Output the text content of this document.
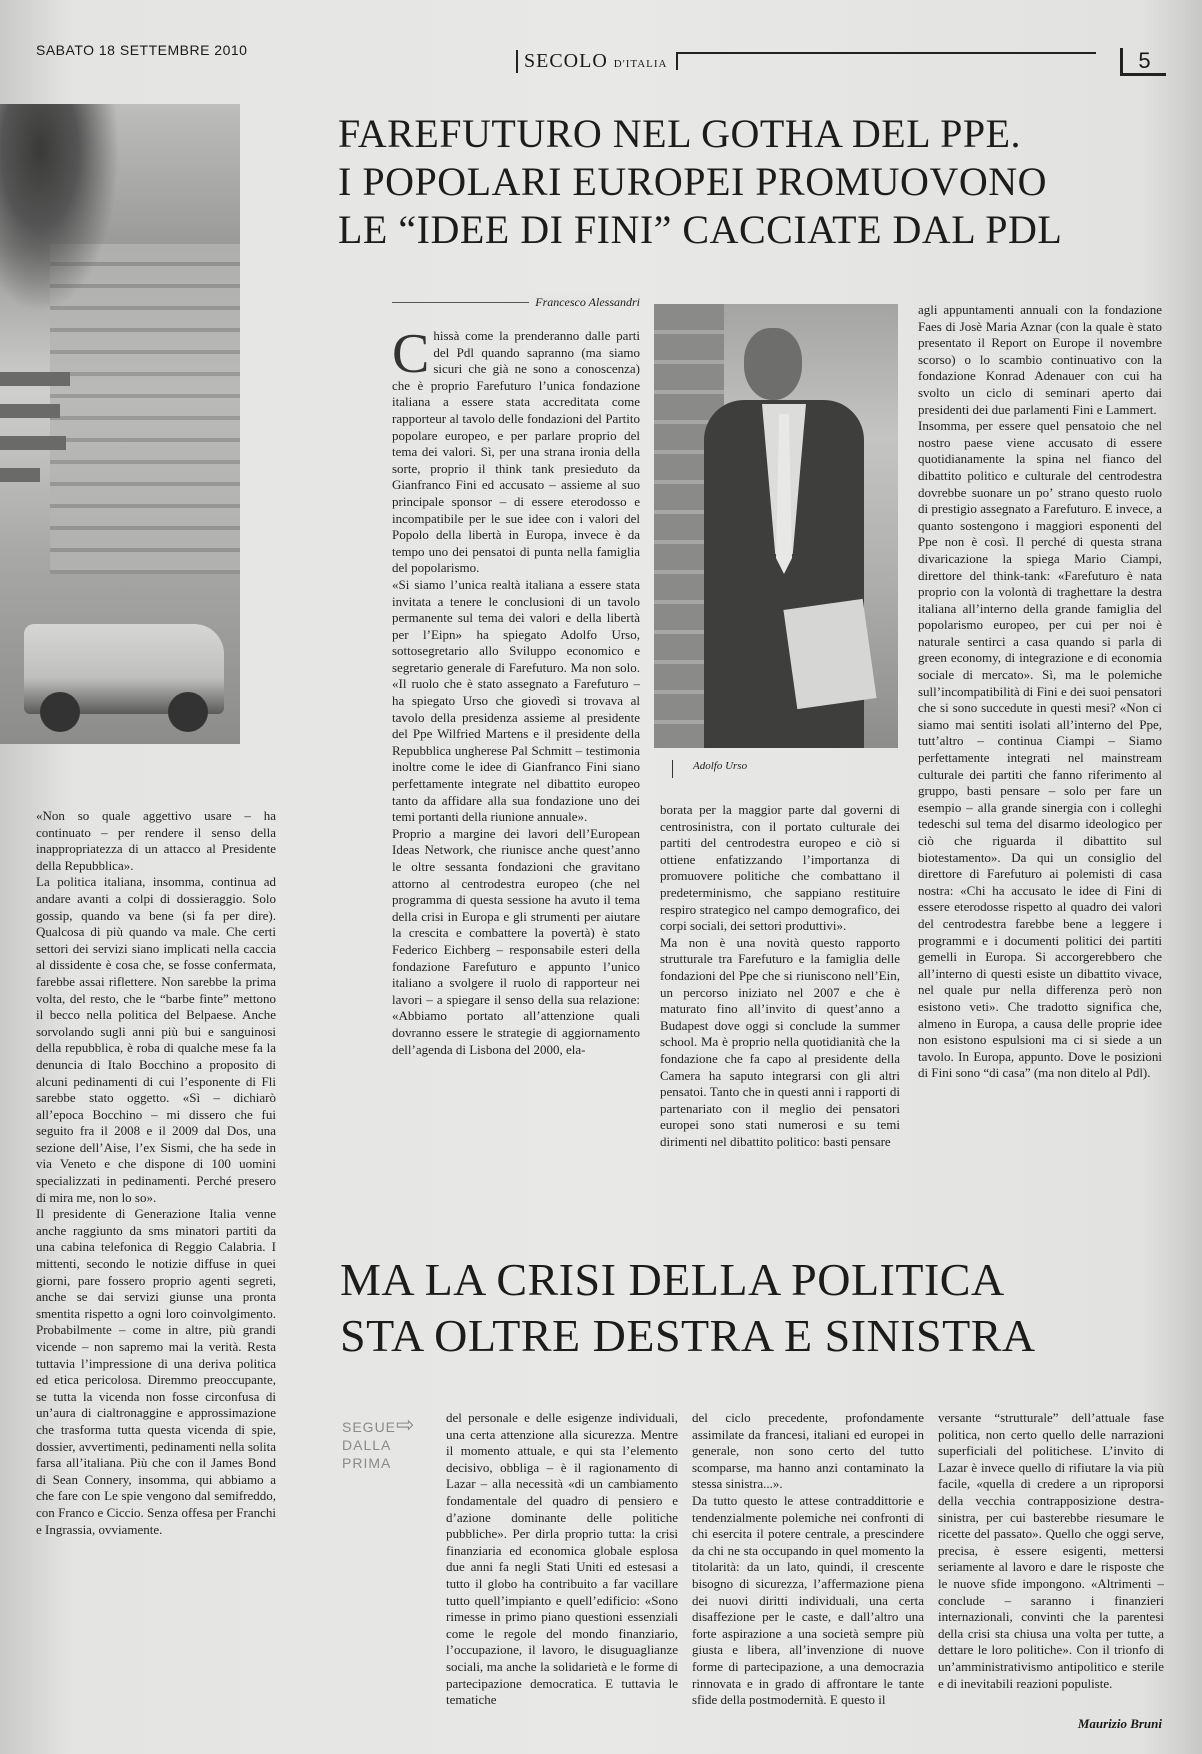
SABATO 18 SETTEMBRE 2010	SECOLO D'ITALIA	5
FAREFUTURO NEL GOTHA DEL PPE.
I POPOLARI EUROPEI PROMUOVONO
LE “IDEE DI FINI” CACCIATE DAL PDL
Francesco Alessandri

Chissà come la prenderanno dalle parti del Pdl quando sapranno (ma siamo sicuri che già ne sono a conoscenza) che è proprio Farefuturo l’unica fondazione italiana a essere stata accreditata come rapporteur al tavolo delle fondazioni del Partito popolare europeo, e per parlare proprio del tema dei valori. Sì, per una strana ironia della sorte, proprio il think tank presieduto da Gianfranco Fini ed accusato – assieme al suo principale sponsor – di essere eterodosso e incompatibile per le sue idee con i valori del Popolo della libertà in Europa, invece è da tempo uno dei pensatoi di punta nella famiglia del popolarismo.

«Si siamo l’unica realtà italiana a essere stata invitata a tenere le conclusioni di un tavolo permanente sul tema dei valori e della libertà per l’Eipn» ha spiegato Adolfo Urso, sottosegretario allo Sviluppo economico e segretario generale di Farefuturo. Ma non solo. «Il ruolo che è stato assegnato a Farefuturo – ha spiegato Urso che giovedì si trovava al tavolo della presidenza assieme al presidente del Ppe Wilfried Martens e il presidente della Repubblica ungherese Pal Schmitt – testimonia inoltre come le idee di Gianfranco Fini siano perfettamente integrate nel dibattito europeo tanto da affidare alla sua fondazione uno dei temi portanti della riunione annuale».

Proprio a margine dei lavori dell’European Ideas Network, che riunisce anche quest’anno le oltre sessanta fondazioni che gravitano attorno al centrodestra europeo (che nel programma di questa sessione ha avuto il tema della crisi in Europa e gli strumenti per aiutare la crescita e combattere la povertà) è stato Federico Eichberg – responsabile esteri della fondazione Farefuturo e appunto l’unico italiano a svolgere il ruolo di rapporteur nei lavori – a spiegare il senso della sua relazione: «Abbiamo portato all’attenzione quali dovranno essere le strategie di aggiornamento dell’agenda di Lisbona del 2000, ela-

Adolfo Urso

borata per la maggior parte dal governi di centrosinistra, con il portato culturale dei partiti del centrodestra europeo e ciò si ottiene enfatizzando l’importanza di promuovere politiche che combattano il predeterminismo, che sappiano restituire respiro strategico nel campo demografico, dei corpi sociali, dei settori produttivi».

Ma non è una novità questo rapporto strutturale tra Farefuturo e la famiglia delle fondazioni del Ppe che si riuniscono nell’Ein, un percorso iniziato nel 2007 e che è maturato fino all’invito di quest’anno a Budapest dove oggi si conclude la summer school. Ma è proprio nella quotidianità che la fondazione che fa capo al presidente della Camera ha saputo integrarsi con gli altri pensatoi. Tanto che in questi anni i rapporti di partenariato con il meglio dei pensatori europei sono stati numerosi e su temi dirimenti nel dibattito politico: basti pensare

agli appuntamenti annuali con la fondazione Faes di Josè Maria Aznar (con la quale è stato presentato il Report on Europe il novembre scorso) o lo scambio continuativo con la fondazione Konrad Adenauer con cui ha svolto un ciclo di seminari aperto dai presidenti dei due parlamenti Fini e Lammert.

Insomma, per essere quel pensatoio che nel nostro paese viene accusato di essere quotidianamente la spina nel fianco del dibattito politico e culturale del centrodestra dovrebbe suonare un po’ strano questo ruolo di prestigio assegnato a Farefuturo. E invece, a quanto sostengono i maggiori esponenti del Ppe non è così. Il perché di questa strana divaricazione la spiega Mario Ciampi, direttore del think-tank: «Farefuturo è nata proprio con la volontà di traghettare la destra italiana all’interno della grande famiglia del popolarismo europeo, per cui per noi è naturale sentirci a casa quando si parla di green economy, di integrazione e di economia sociale di mercato». Sì, ma le polemiche sull’incompatibilità di Fini e dei suoi pensatori che si sono succedute in questi mesi? «Non ci siamo mai sentiti isolati all’interno del Ppe, tutt’altro – continua Ciampi – Siamo perfettamente integrati nel mainstream culturale dei partiti che fanno riferimento al gruppo, basti pensare – solo per fare un esempio – alla grande sinergia con i colleghi tedeschi sul tema del disarmo ideologico per ciò che riguarda il dibattito sul biotestamento». Da qui un consiglio del direttore di Farefuturo ai polemisti di casa nostra: «Chi ha accusato le idee di Fini di essere eterodosse rispetto al quadro dei valori del centrodestra farebbe bene a leggere i programmi e i documenti politici dei partiti gemelli in Europa. Si accorgerebbero che all’interno di questi esiste un dibattito vivace, nel quale pur nella differenza però non esistono veti». Che tradotto significa che, almeno in Europa, a causa delle proprie idee non esistono espulsioni ma ci si siede a un tavolo. In Europa, appunto. Dove le posizioni di Fini sono “di casa” (ma non ditelo al Pdl).

«Non so quale aggettivo usare – ha continuato – per rendere il senso della inappropriatezza di un attacco al Presidente della Repubblica».

La politica italiana, insomma, continua ad andare avanti a colpi di dossieraggio. Solo gossip, quando va bene (si fa per dire). Qualcosa di più quando va male. Che certi settori dei servizi siano implicati nella caccia al dissidente è cosa che, se fosse confermata, farebbe assai riflettere. Non sarebbe la prima volta, del resto, che le “barbe finte” mettono il becco nella politica del Belpaese. Anche sorvolando sugli anni più bui e sanguinosi della repubblica, è roba di qualche mese fa la denuncia di Italo Bocchino a proposito di alcuni pedinamenti di cui l’esponente di Fli sarebbe stato oggetto. «Sì – dichiarò all’epoca Bocchino – mi dissero che fui seguito fra il 2008 e il 2009 dal Dos, una sezione dell’Aise, l’ex Sismi, che ha sede in via Veneto e che dispone di 100 uomini specializzati in pedinamenti. Perché presero di mira me, non lo so».

Il presidente di Generazione Italia venne anche raggiunto da sms minatori partiti da una cabina telefonica di Reggio Calabria. I mittenti, secondo le notizie diffuse in quei giorni, pare fossero proprio agenti segreti, anche se dai servizi giunse una pronta smentita rispetto a ogni loro coinvolgimento. Probabilmente – come in altre, più grandi vicende – non sapremo mai la verità. Resta tuttavia l’impressione di una deriva politica ed etica pericolosa. Diremmo preoccupante, se tutta la vicenda non fosse circonfusa di un’aura di cialtronaggine e approssimazione che trasforma tutta questa vicenda di spie, dossier, avvertimenti, pedinamenti nella solita farsa all’italiana. Più che con il James Bond di Sean Connery, insomma, qui abbiamo a che fare con Le spie vengono dal semifreddo, con Franco e Ciccio. Senza offesa per Franchi e Ingrassia, ovviamente.

MA LA CRISI DELLA POLITICA
STA OLTRE DESTRA E SINISTRA
SEGUE
DALLA
PRIMA
⇨ del personale e delle esigenze individuali, una certa attenzione alla sicurezza. Mentre il momento attuale, e qui sta l’elemento decisivo, obbliga – è il ragionamento di Lazar – alla necessità «di un cambiamento fondamentale del quadro di pensiero e d’azione dominante delle politiche pubbliche». Per dirla proprio tutta: la crisi finanziaria ed economica globale esplosa due anni fa negli Stati Uniti ed estesasi a tutto il globo ha contribuito a far vacillare tutto quell’impianto e quell’edificio: «Sono rimesse in primo piano questioni essenziali come le regole del mondo finanziario, l’occupazione, il lavoro, le disuguaglianze sociali, ma anche la solidarietà e le forme di partecipazione democratica. E tuttavia le tematiche

del ciclo precedente, profondamente assimilate da francesi, italiani ed europei in generale, non sono certo del tutto scomparse, ma hanno anzi contaminato la stessa sinistra...».

Da tutto questo le attese contraddittorie e tendenzialmente polemiche nei confronti di chi esercita il potere centrale, a prescindere da chi ne sta occupando in quel momento la titolarità: da un lato, quindi, il crescente bisogno di sicurezza, l’affermazione piena dei nuovi diritti individuali, una certa disaffezione per le caste, e dall’altro una forte aspirazione a una società sempre più giusta e libera, all’invenzione di nuove forme di partecipazione, a una democrazia rinnovata e in grado di affrontare le tante sfide della postmodernità. E questo il

versante “strutturale” dell’attuale fase politica, non certo quello delle narrazioni superficiali del politichese. L’invito di Lazar è invece quello di rifiutare la via più facile, «quella di credere a un riproporsi della vecchia contrapposizione destra-sinistra, per cui basterebbe riesumare le ricette del passato». Quello che oggi serve, precisa, è essere esigenti, mettersi seriamente al lavoro e dare le risposte che le nuove sfide impongono. «Altrimenti – conclude – saranno i finanzieri internazionali, convinti che la parentesi della crisi sta chiusa una volta per tutte, a dettare le loro politiche». Con il trionfo di un’amministrativismo antipolitico e sterile e di inevitabili reazioni populiste.

Maurizio Bruni
